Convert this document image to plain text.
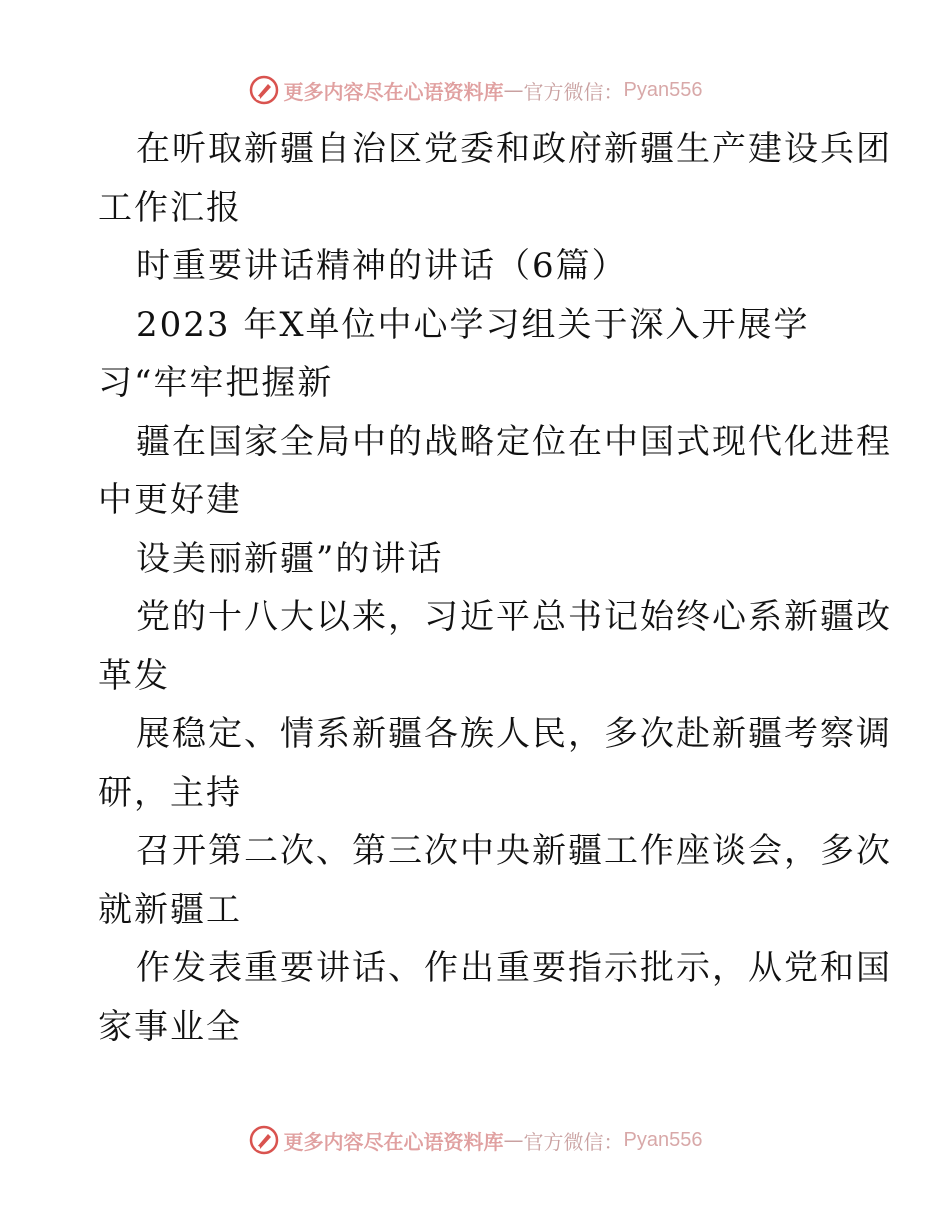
更多内容尽在心语资料库 — 官方微信： Pyan556
在听取新疆自治区党委和政府新疆生产建设兵团
工作汇报
时重要讲话精神的讲话（6篇）
2023 年X单位中心学习组关于深入开展学
习“牢牢把握新
疆在国家全局中的战略定位在中国式现代化进程
中更好建
设美丽新疆”的讲话
党的十八大以来，习近平总书记始终心系新疆改
革发
展稳定、情系新疆各族人民，多次赴新疆考察调
研，主持
召开第二次、第三次中央新疆工作座谈会，多次
就新疆工
作发表重要讲话、作出重要指示批示，从党和国
家事业全
更多内容尽在心语资料库 — 官方微信： Pyan556
